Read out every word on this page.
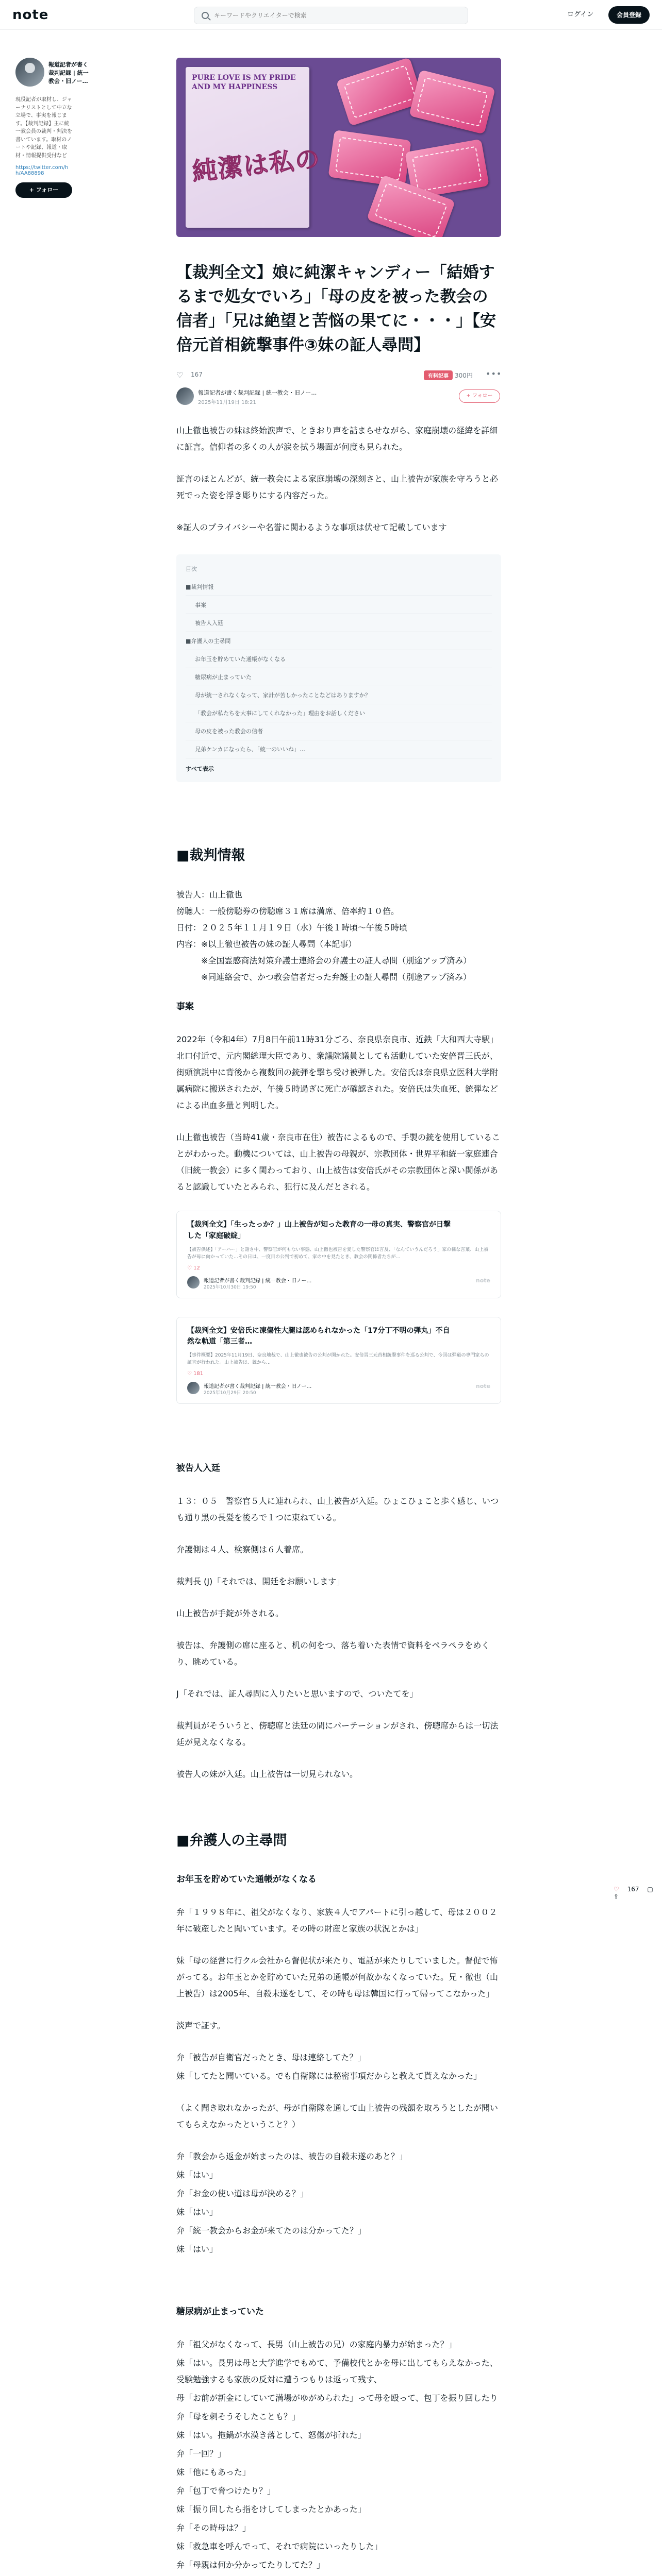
note
キーワードやクリエイターで検索	ログイン	会員登録
報道記者が書く裁判記録 | 統一教会・旧ノー…
現役記者が取材し、ジャーナリストとして中立な立場で、事実を報じます。【裁判記録】主に統一教会員の裁判・判決を書いています。取材のノートや記録、報道・取材・情報提供受付など
https://twitter.com/hh/AA88898
+ フォロー
PURE LOVE IS MY PRIDE AND MY HAPPINESS
純潔は私の
【裁判全文】娘に純潔キャンディー「結婚するまで処女でいろ」「母の皮を被った教会の信者」「兄は絶望と苦悩の果てに・・・」【安倍元首相銃撃事件③妹の証人尋問】
♡ 167	有料記事	300円 •••
報道記者が書く裁判記録 | 統一教会・旧ノー…
2025年11月19日 18:21
+ フォロー

山上徹也被告の妹は終始涙声で、ときおり声を詰まらせながら、家庭崩壊の経緯を詳細に証言。信仰者の多くの人が涙を拭う場面が何度も見られた。

証言のほとんどが、統一教会による家庭崩壊の深刻さと、山上被告が家族を守ろうと必死でった姿を浮き彫りにする内容だった。

※証人のプライバシーや名誉に関わるような事項は伏せて記載しています

目次
■裁判情報
事案
被告人入廷
■弁護人の主尋問
お年玉を貯めていた通帳がなくなる
糖尿病が止まっていた
母が統一されなくなって、家計が苦しかったことなどはありますか？
「教会が私たちを大事にしてくれなかった」理由をお話しください
母の皮を被った教会の信者
兄弟ケンカになったら、「統一のいいね」…
すべて表示
■裁判情報
被告人：山上徹也
傍聴人：一般傍聴券の傍聴席３１席は満席、倍率約１０倍。
日付：２０２５年１１月１９日（水）午後１時頃〜午後５時頃
内容：※以上徹也被告の妹の証人尋問（本記事）
　　　※全国霊感商法対策弁護士連絡会の弁護士の証人尋問（別途アップ済み）
　　　※同連絡会で、かつ教会信者だった弁護士の証人尋問（別途アップ済み）
事案

2022年（令和4年）7月8日午前11時31分ごろ、奈良県奈良市、近鉄「大和西大寺駅」北口付近で、元内閣総理大臣であり、衆議院議員としても活動していた安倍晋三氏が、街頭演説中に背後から複数回の銃弾を撃ち受け被弾した。安倍氏は奈良県立医科大学附属病院に搬送されたが、午後５時過ぎに死亡が確認された。安倍氏は失血死、銃弾などによる出血多量と判明した。

山上徹也被告（当時41歳・奈良市在住）被告によるもので、手製の銃を使用していることがわかった。動機については、山上被告の母親が、宗教団体・世界平和統一家庭連合（旧統一教会）に多く関わっており、山上被告は安倍氏がその宗教団体と深い関係があると認識していたとみられ、犯行に及んだとされる。

【裁判全文】「生ったっか？」山上被告が知った教育の一母の真実、警察官が日撃した「家庭破綻」
【被告供述】「アーハー」と話さ中、警察官が何もない事態、山上徹也被告を愛した警察官は言及、「なんていうんだろう」家の様な言葉、山上被告が母に向かっていた…その日は、一度目の公判で初めて、家の中を見たとき、教会の関係者たちが…
♡ 12
報道記者が書く裁判記録 | 統一教会・旧ノー…
2025年10月30日 19:50
note
【裁判全文】安倍氏に凍傷性大腿は認められなかった「17分丁不明の弾丸」不自然な軌道「第三者…
【事件概要】2025年11月19日、奈良地裁で、山上徹也被告の公判が開かれた。安倍晋三元首相銃撃事件を巡る公判で、今回は弾道の専門家らの証言が行われた。山上被告は、銃から…
♡ 181
報道記者が書く裁判記録 | 統一教会・旧ノー…
2025年10月29日 20:50
note
被告人入廷

１３：０５　警察官５人に連れられ、山上被告が入廷。ひょこひょこと歩く感じ、いつも通り黒の長髪を後ろで１つに束ねている。

弁護側は４人、検察側は６人着席。

裁判長 (J)「それでは、開廷をお願いします」

山上被告が手錠が外される。

被告は、弁護側の席に座ると、机の何をつ、落ち着いた表情で資料をペラペラをめくり、眺めている。

J「それでは、証人尋問に入りたいと思いますので、ついたてを」

裁判員がそういうと、傍聴席と法廷の間にパーテーションがされ、傍聴席からは一切法廷が見えなくなる。

被告人の妹が入廷。山上被告は一切見られない。

■弁護人の主尋問
お年玉を貯めていた通帳がなくなる

弁「１９９８年に、祖父がなくなり、家族４人でアパートに引っ越して、母は２００２年に破産したと聞いています。その時の財産と家族の状況とかは」

妹「母の経営に行クル会社から督促状が来たり、電話が来たりしていました。督促で怖がってる。お年玉とかを貯めていた兄弟の通帳が何故かなくなっていた。兄・徹也（山上被告）は2005年、自殺未遂をして、その時も母は韓国に行って帰ってこなかった」

淡声で証す。

弁「被告が自衛官だったとき、母は連絡してた？」

妹「してたと聞いている。でも自衛隊には秘密事項だからと教えて貰えなかった」

（よく聞き取れなかったが、母が自衛隊を通して山上被告の残額を取ろうとしたが聞いてもらえなかったということ？）

弁「教会から返金が始まったのは、被告の自殺未遂のあと？」

妹「はい」

弁「お金の使い道は母が決める？」

妹「はい」

弁「統一教会からお金が来てたのは分かってた？」

妹「はい」

糖尿病が止まっていた

弁「祖父がなくなって、長男（山上被告の兄）の家庭内暴力が始まった？」

妹「はい。長男は母と大学進学でもめて、予備校代とかを母に出してもらえなかった、受験勉強するも家族の反対に遭うつもりは返って残す、

母「お前が新金にしていて満場がゆがめられた」って母を殴って、包丁を振り回したり

弁「母を刺そうそしたことも？」

妹「はい。拖鍋が水漠き落として、怒傷が折れた」

弁「一回？」

妹「他にもあった」

弁「包丁で脅つけたり？」

妹「振り回したら指をけしてしまったとかあった」

弁「その時母は？」

妹「救急車を呼んでって、それで病院にいったりした」

弁「母親は何か分かってたりしてた？」

♡ 167 ▢ ⇪
